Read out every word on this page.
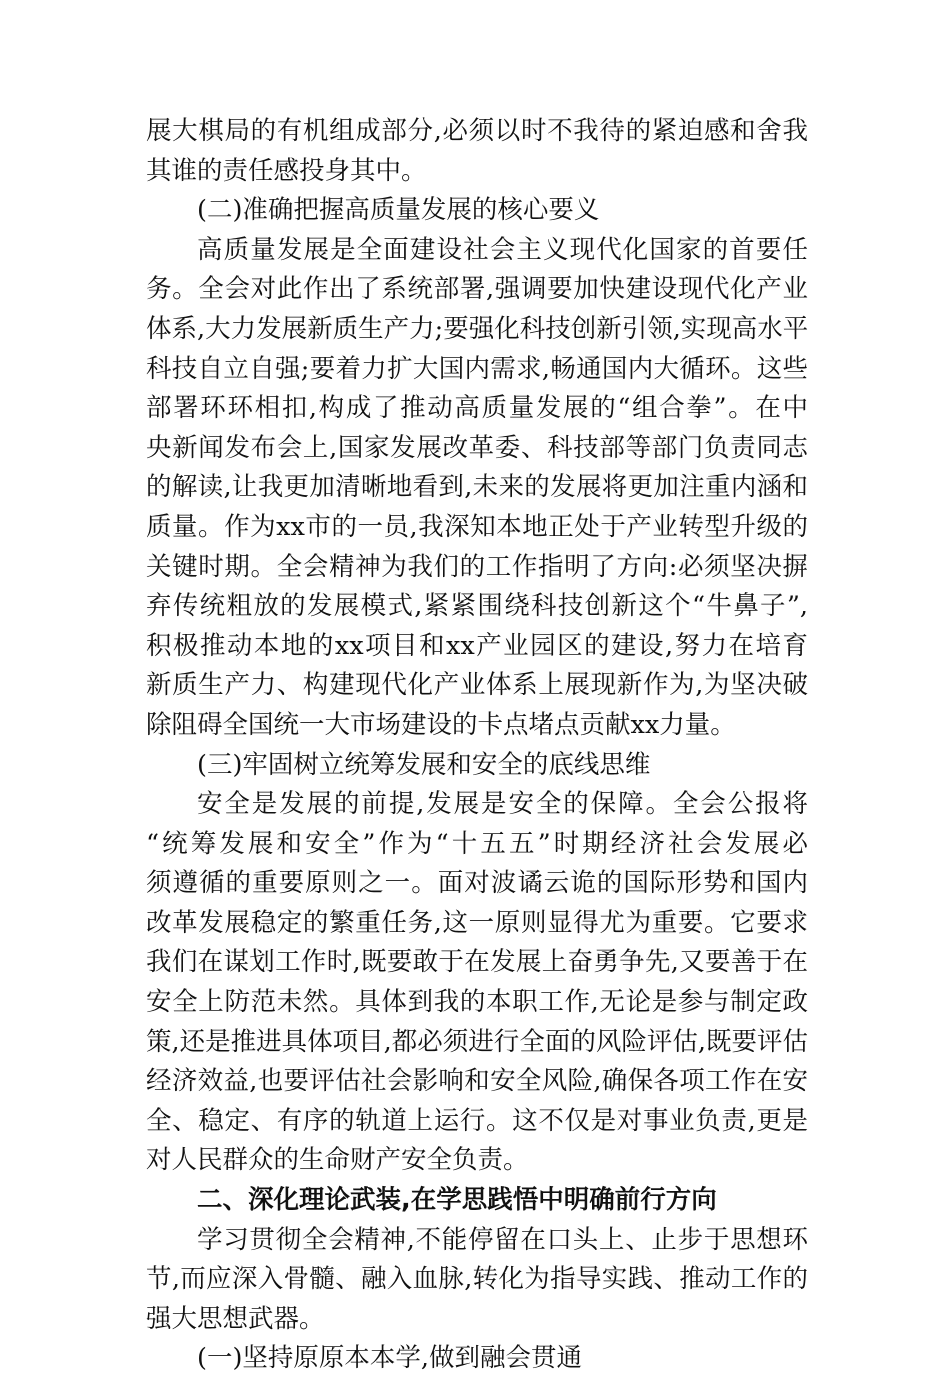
展大棋局的有机组成部分,必须以时不我待的紧迫感和舍我
其谁的责任感投身其中。
(二)准确把握高质量发展的核心要义
高质量发展是全面建设社会主义现代化国家的首要任
务。全会对此作出了系统部署,强调要加快建设现代化产业
体系,大力发展新质生产力;要强化科技创新引领,实现高水平
科技自立自强;要着力扩大国内需求,畅通国内大循环。这些
部署环环相扣,构成了推动高质量发展的“组合拳”。在中
央新闻发布会上,国家发展改革委、科技部等部门负责同志
的解读,让我更加清晰地看到,未来的发展将更加注重内涵和
质量。作为xx市的一员,我深知本地正处于产业转型升级的
关键时期。全会精神为我们的工作指明了方向:必须坚决摒
弃传统粗放的发展模式,紧紧围绕科技创新这个“牛鼻子”,
积极推动本地的xx项目和xx产业园区的建设,努力在培育
新质生产力、构建现代化产业体系上展现新作为,为坚决破
除阻碍全国统一大市场建设的卡点堵点贡献xx力量。
(三)牢固树立统筹发展和安全的底线思维
安全是发展的前提,发展是安全的保障。全会公报将
“统筹发展和安全”作为“十五五”时期经济社会发展必
须遵循的重要原则之一。面对波谲云诡的国际形势和国内
改革发展稳定的繁重任务,这一原则显得尤为重要。它要求
我们在谋划工作时,既要敢于在发展上奋勇争先,又要善于在
安全上防范未然。具体到我的本职工作,无论是参与制定政
策,还是推进具体项目,都必须进行全面的风险评估,既要评估
经济效益,也要评估社会影响和安全风险,确保各项工作在安
全、稳定、有序的轨道上运行。这不仅是对事业负责,更是
对人民群众的生命财产安全负责。
二、深化理论武装,在学思践悟中明确前行方向
学习贯彻全会精神,不能停留在口头上、止步于思想环
节,而应深入骨髓、融入血脉,转化为指导实践、推动工作的
强大思想武器。
(一)坚持原原本本学,做到融会贯通
